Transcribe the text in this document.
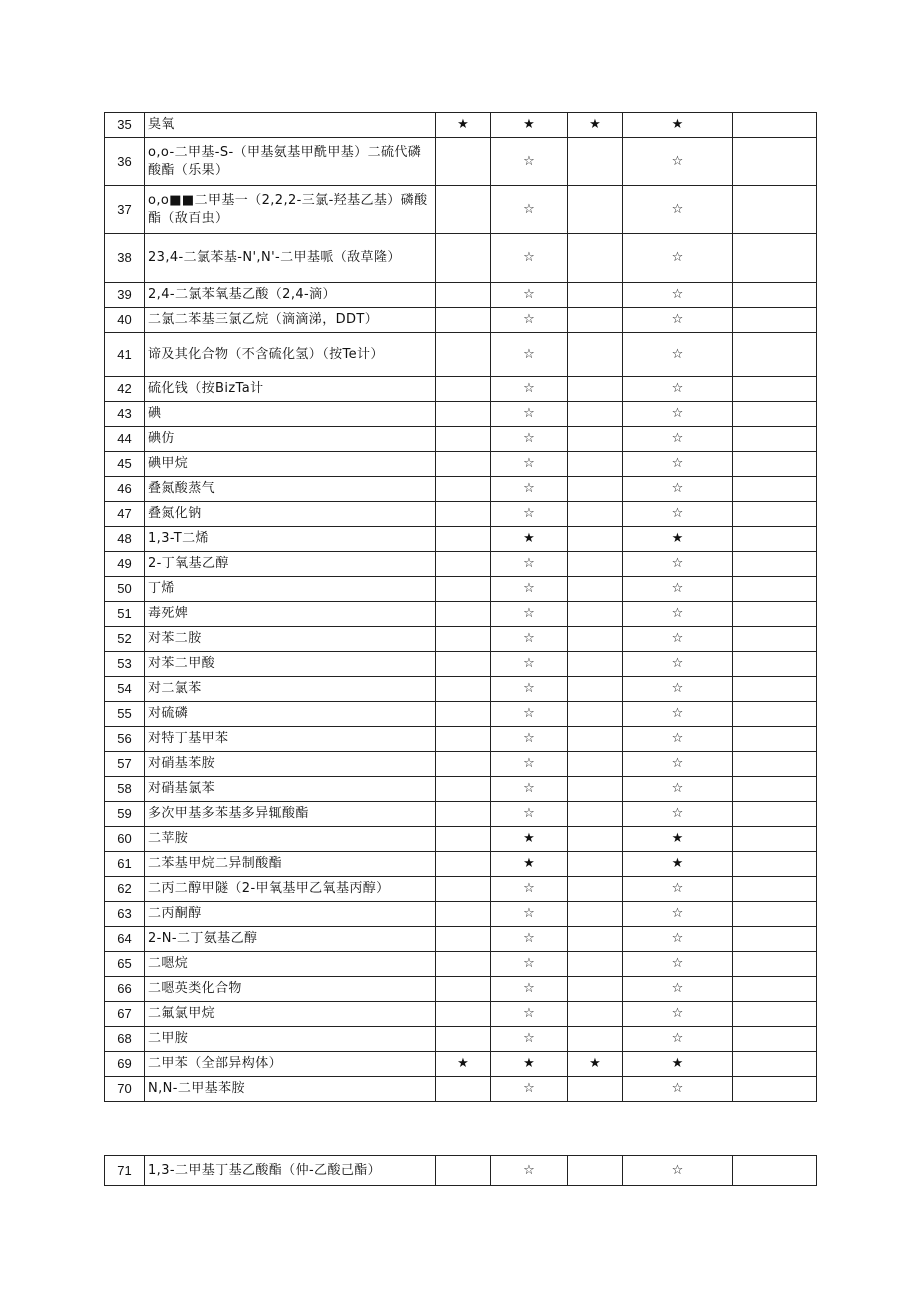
35	臭氧	★	★	★	★	
36	o,o-二甲基-S-（甲基氨基甲酰甲基）二硫代磷酸酯（乐果）		☆		☆	
37	o,o■■二甲基一（2,2,2-三氯-羟基乙基）磷酸酯（敌百虫）		☆		☆	
38	23,4-二氯苯基-N',N'-二甲基哌（敌草隆）		☆		☆	
39	2,4-二氯苯氧基乙酸（2,4-滴）		☆		☆	
40	二氯二苯基三氯乙烷（滴滴涕，DDT）		☆		☆	
41	谛及其化合物（不含硫化氢）（按Te计）		☆		☆	
42	硫化钱（按BizTa计		☆		☆	
43	碘		☆		☆	
44	碘仿		☆		☆	
45	碘甲烷		☆		☆	
46	叠氮酸蒸气		☆		☆	
47	叠氮化钠		☆		☆	
48	1,3-T二烯		★		★	
49	2-丁氧基乙醇		☆		☆	
50	丁烯		☆		☆	
51	毒死婢		☆		☆	
52	对苯二胺		☆		☆	
53	对苯二甲酸		☆		☆	
54	对二氯苯		☆		☆	
55	对硫磷		☆		☆	
56	对特丁基甲苯		☆		☆	
57	对硝基苯胺		☆		☆	
58	对硝基氯苯		☆		☆	
59	多次甲基多苯基多异辄酸酯		☆		☆	
60	二苹胺		★		★	
61	二苯基甲烷二异制酸酯		★		★	
62	二丙二醇甲隧（2-甲氧基甲乙氧基丙醇）		☆		☆	
63	二丙酮醇		☆		☆	
64	2-N-二丁氨基乙醇		☆		☆	
65	二嗯烷		☆		☆	
66	二嗯英类化合物		☆		☆	
67	二氟氯甲烷		☆		☆	
68	二甲胺		☆		☆	
69	二甲苯（全部异构体）	★	★	★	★	
70	N,N-二甲基苯胺		☆		☆	
71	1,3-二甲基丁基乙酸酯（仲-乙酸己酯）		☆		☆	
